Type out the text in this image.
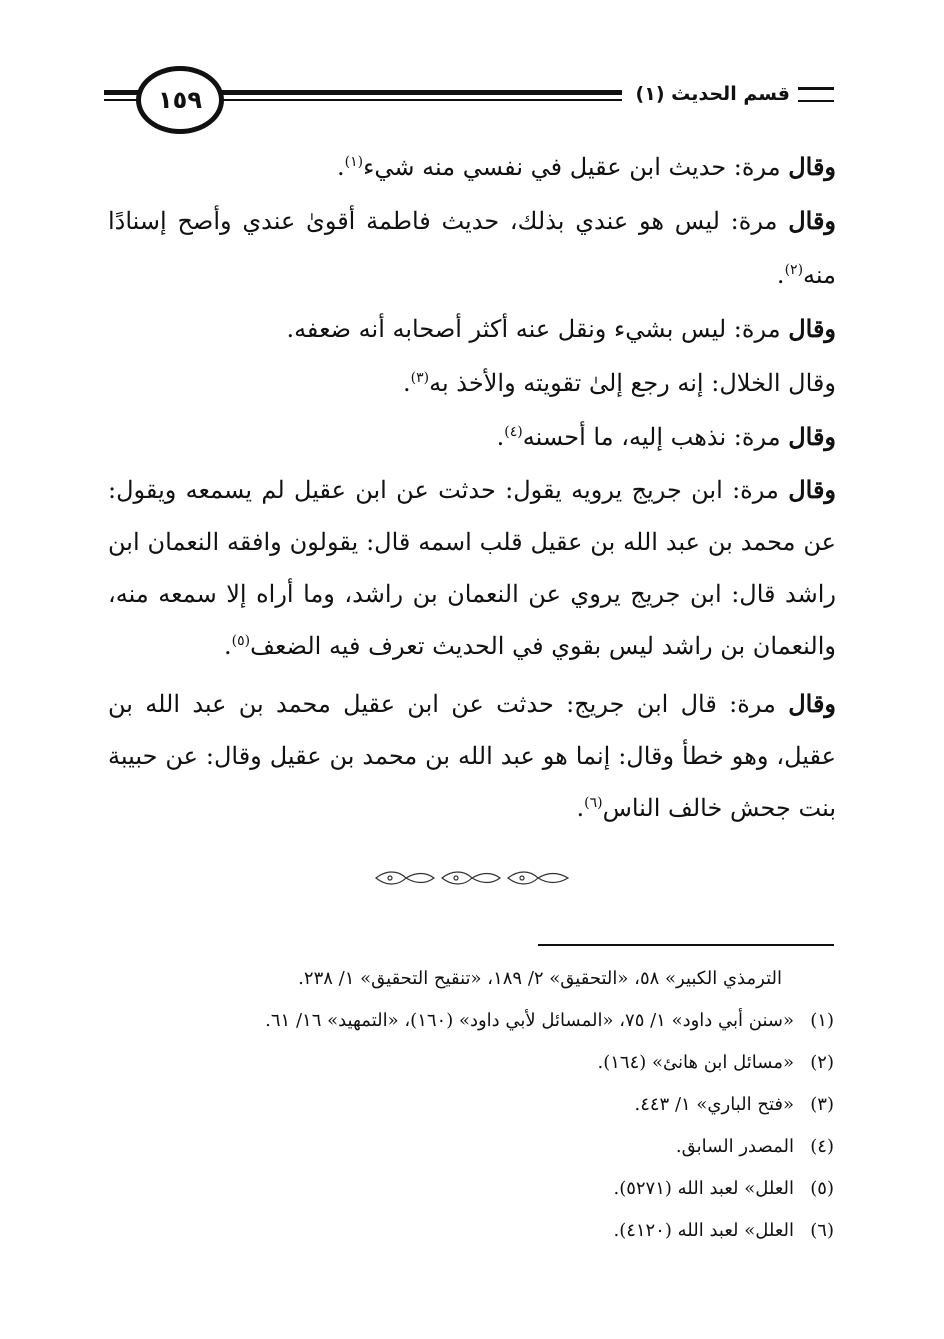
قسم الحديث (١)
١٥٩

وقال مرة: حديث ابن عقيل في نفسي منه شيء$^{(١)}$.

وقال مرة: ليس هو عندي بذلك، حديث فاطمة أقوىٰ عندي وأصح إسنادًا منه$^{(٢)}$.

وقال مرة: ليس بشيء ونقل عنه أكثر أصحابه أنه ضعفه.

وقال الخلال: إنه رجع إلىٰ تقويته والأخذ به$^{(٣)}$.

وقال مرة: نذهب إليه، ما أحسنه$^{(٤)}$.

وقال مرة: ابن جريج يرويه يقول: حدثت عن ابن عقيل لم يسمعه ويقول: عن محمد بن عبد الله بن عقيل قلب اسمه قال: يقولون وافقه النعمان ابن راشد قال: ابن جريج يروي عن النعمان بن راشد، وما أراه إلا سمعه منه، والنعمان بن راشد ليس بقوي في الحديث تعرف فيه الضعف$^{(٥)}$.

وقال مرة: قال ابن جريج: حدثت عن ابن عقيل محمد بن عبد الله بن عقيل، وهو خطأ وقال: إنما هو عبد الله بن محمد بن عقيل وقال: عن حبيبة بنت جحش خالف الناس$^{(٦)}$.

الترمذي الكبير» ٥٨، «التحقيق» ٢/ ١٨٩، «تنقيح التحقيق» ١/ ٢٣٨.
(١)«سنن أبي داود» ١/ ٧٥، «المسائل لأبي داود» (١٦٠)، «التمهيد» ١٦/ ٦١.
(٢)«مسائل ابن هانئ» (١٦٤).
(٣)«فتح الباري» ١/ ٤٤٣.
(٤)المصدر السابق.
(٥)العلل» لعبد الله (٥٢٧١).
(٦)العلل» لعبد الله (٤١٢٠).
